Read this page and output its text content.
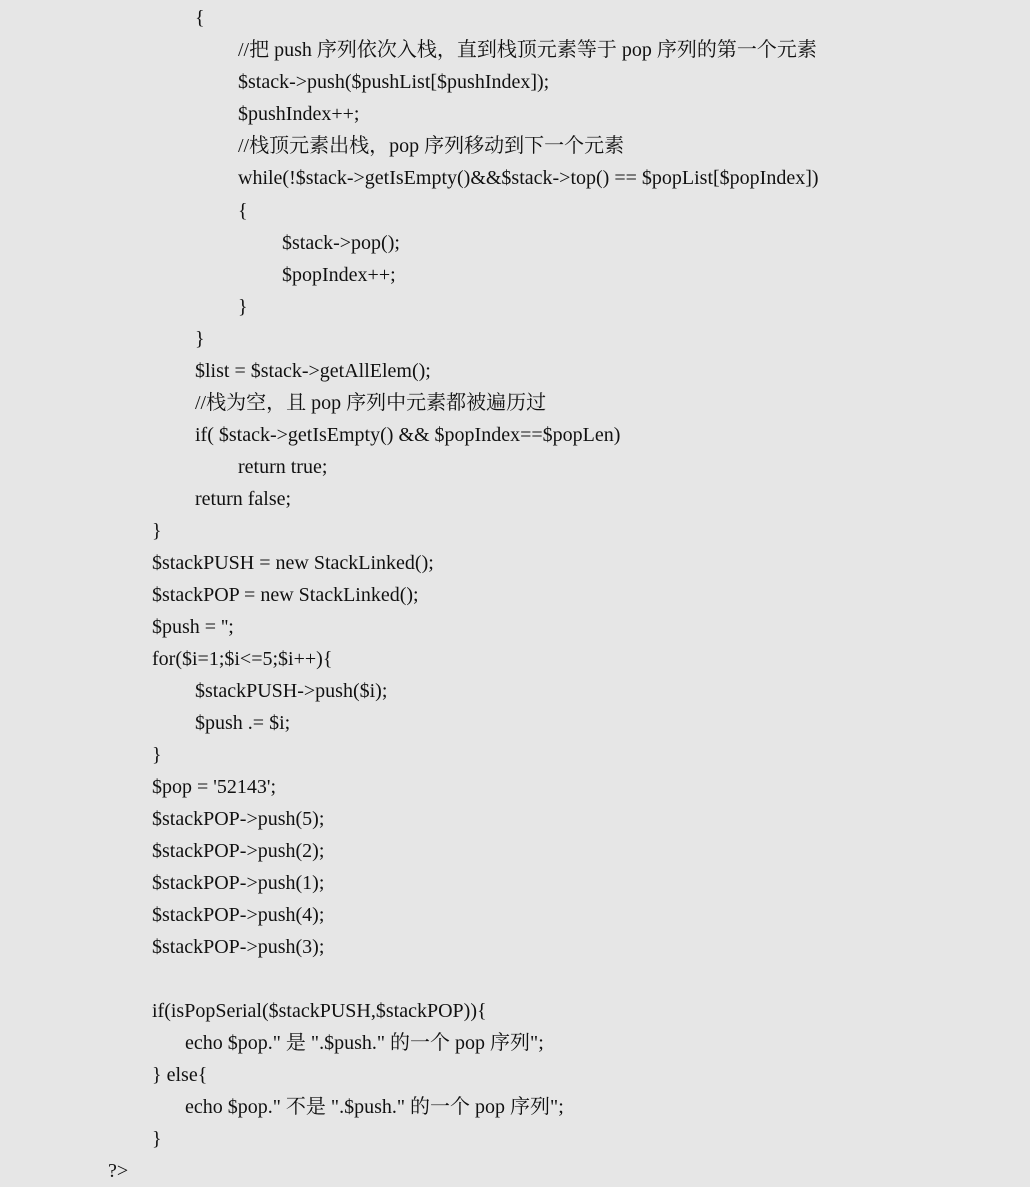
{
//把 push 序列依次入栈，直到栈顶元素等于 pop 序列的第一个元素
$stack->push($pushList[$pushIndex]);
$pushIndex++;
//栈顶元素出栈，pop 序列移动到下一个元素
while(!$stack->getIsEmpty()&&$stack->top() == $popList[$popIndex])
{
$stack->pop();
$popIndex++;
}
}
$list = $stack->getAllElem();
//栈为空，且 pop 序列中元素都被遍历过
if( $stack->getIsEmpty() && $popIndex==$popLen)
return true;
return false;
}
$stackPUSH = new StackLinked();
$stackPOP = new StackLinked();
$push = '';
for($i=1;$i<=5;$i++){
$stackPUSH->push($i);
$push .= $i;
}
$pop = '52143';
$stackPOP->push(5);
$stackPOP->push(2);
$stackPOP->push(1);
$stackPOP->push(4);
$stackPOP->push(3);
if(isPopSerial($stackPUSH,$stackPOP)){
echo $pop." 是 ".$push." 的一个 pop 序列";
} else{
echo $pop." 不是 ".$push." 的一个 pop 序列";
}
?>
